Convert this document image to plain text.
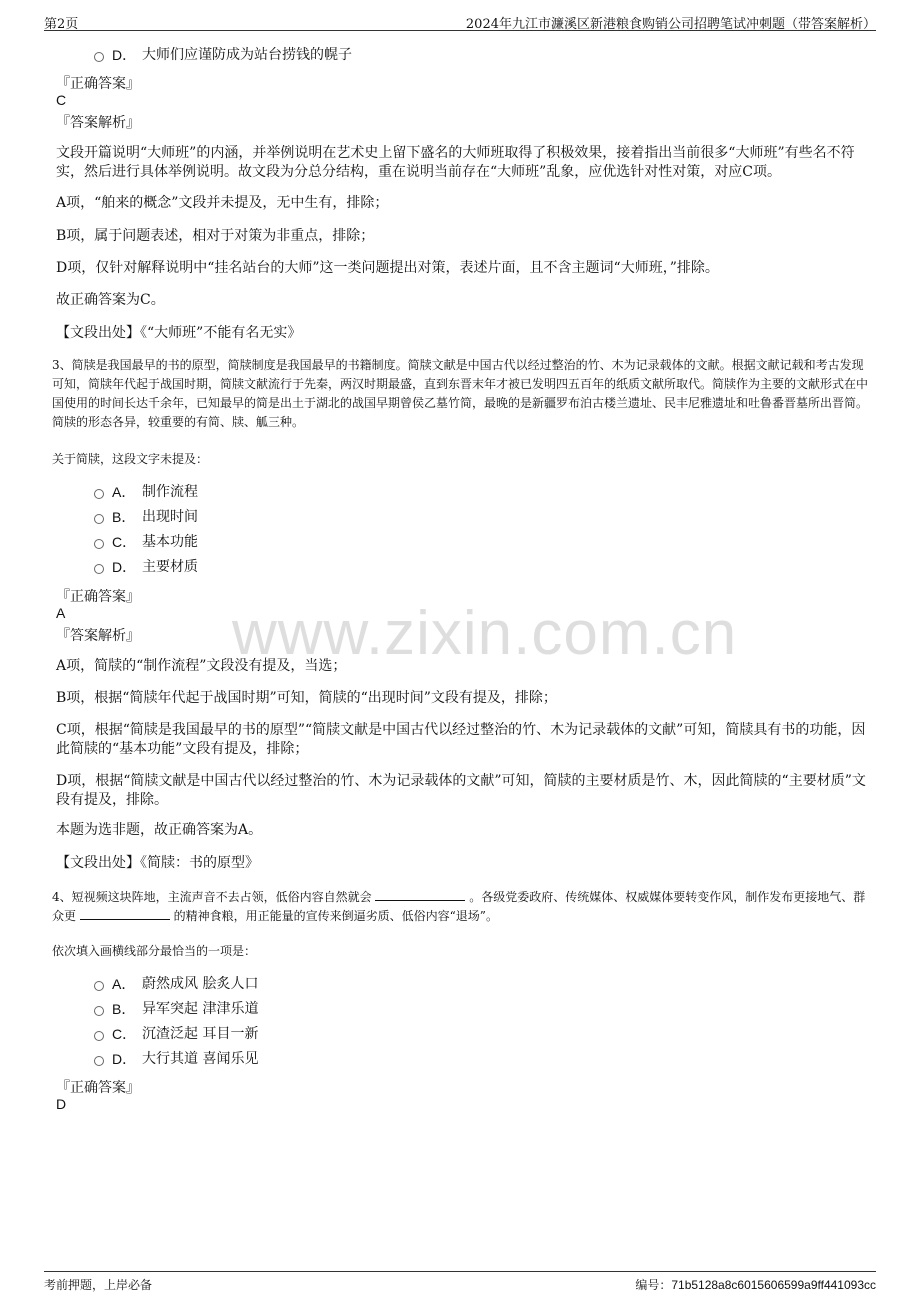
第2页	2024年九江市濂溪区新港粮食购销公司招聘笔试冲刺题（带答案解析）
www.zixin.com.cn
D． 大师们应谨防成为站台捞钱的幌子
『正确答案』
C
『答案解析』
文段开篇说明“大师班”的内涵，并举例说明在艺术史上留下盛名的大师班取得了积极效果，接着指出当前很多“大师班”有些名不符实，然后进行具体举例说明。故文段为分总分结构，重在说明当前存在“大师班”乱象，应优选针对性对策，对应C项。
A项，“舶来的概念”文段并未提及，无中生有，排除；
B项，属于问题表述，相对于对策为非重点，排除；
D项，仅针对解释说明中“挂名站台的大师”这一类问题提出对策，表述片面，且不含主题词“大师班，”排除。
故正确答案为C。
【文段出处】《“大师班”不能有名无实》
3、简牍是我国最早的书的原型，简牍制度是我国最早的书籍制度。简牍文献是中国古代以经过整治的竹、木为记录载体的文献。根据文献记载和考古发现可知，简牍年代起于战国时期，简牍文献流行于先秦，两汉时期最盛，直到东晋末年才被已发明四五百年的纸质文献所取代。简牍作为主要的文献形式在中国使用的时间长达千余年，已知最早的简是出土于湖北的战国早期曾侯乙墓竹简，最晚的是新疆罗布泊古楼兰遗址、民丰尼雅遗址和吐鲁番晋墓所出晋简。简牍的形态各异，较重要的有简、牍、觚三种。
关于简牍，这段文字未提及：
A． 制作流程
B． 出现时间
C． 基本功能
D． 主要材质
『正确答案』
A
『答案解析』
A项，简牍的“制作流程”文段没有提及，当选；
B项，根据“简牍年代起于战国时期”可知，简牍的“出现时间”文段有提及，排除；
C项，根据“简牍是我国最早的书的原型”“简牍文献是中国古代以经过整治的竹、木为记录载体的文献”可知，简牍具有书的功能，因此简牍的“基本功能”文段有提及，排除；
D项，根据“简牍文献是中国古代以经过整治的竹、木为记录载体的文献”可知，简牍的主要材质是竹、木，因此简牍的“主要材质”文段有提及，排除。
本题为选非题，故正确答案为A。
【文段出处】《简牍：书的原型》
4、短视频这块阵地，主流声音不去占领，低俗内容自然就会	。各级党委政府、传统媒体、权威媒体要转变作风，制作发布更接地气、群众更	的精神食粮，用正能量的宣传来倒逼劣质、低俗内容“退场”。
依次填入画横线部分最恰当的一项是：
A． 蔚然成风 脍炙人口
B． 异军突起 津津乐道
C． 沉渣泛起 耳目一新
D． 大行其道 喜闻乐见
『正确答案』
D
考前押题，上岸必备	编号：71b5128a8c6015606599a9ff441093cc
